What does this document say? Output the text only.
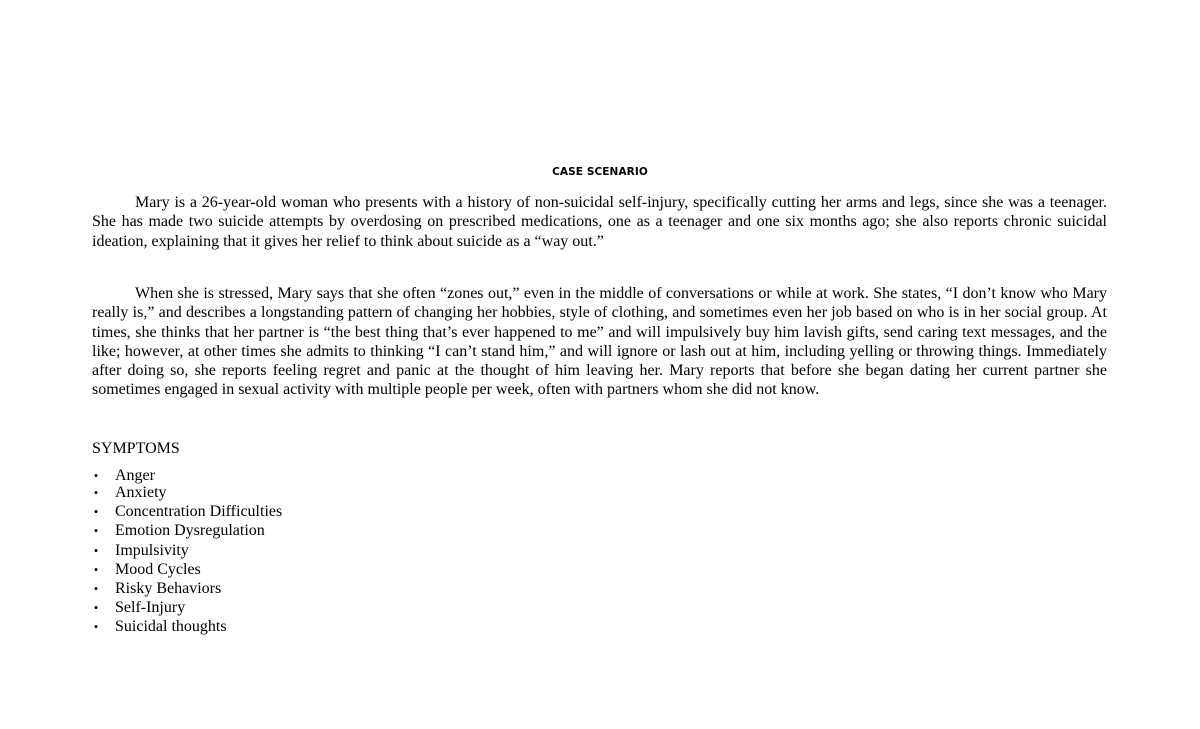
CASE SCENARIO

Mary is a 26-year-old woman who presents with a history of non-suicidal self-injury, specifically cutting her arms and legs, since she was a teenager. She has made two suicide attempts by overdosing on prescribed medications, one as a teenager and one six months ago; she also reports chronic suicidal ideation, explaining that it gives her relief to think about suicide as a “way out.”

When she is stressed, Mary says that she often “zones out,” even in the middle of conversations or while at work. She states, “I don’t know who Mary really is,” and describes a longstanding pattern of changing her hobbies, style of clothing, and sometimes even her job based on who is in her social group. At times, she thinks that her partner is “the best thing that’s ever happened to me” and will impulsively buy him lavish gifts, send caring text messages, and the like; however, at other times she admits to thinking “I can’t stand him,” and will ignore or lash out at him, including yelling or throwing things. Immediately after doing so, she reports feeling regret and panic at the thought of him leaving her. Mary reports that before she began dating her current partner she sometimes engaged in sexual activity with multiple people per week, often with partners whom she did not know.

SYMPTOMS
• Anger
• Anxiety
• Concentration Difficulties
• Emotion Dysregulation
• Impulsivity
• Mood Cycles
• Risky Behaviors
• Self-Injury
• Suicidal thoughts
